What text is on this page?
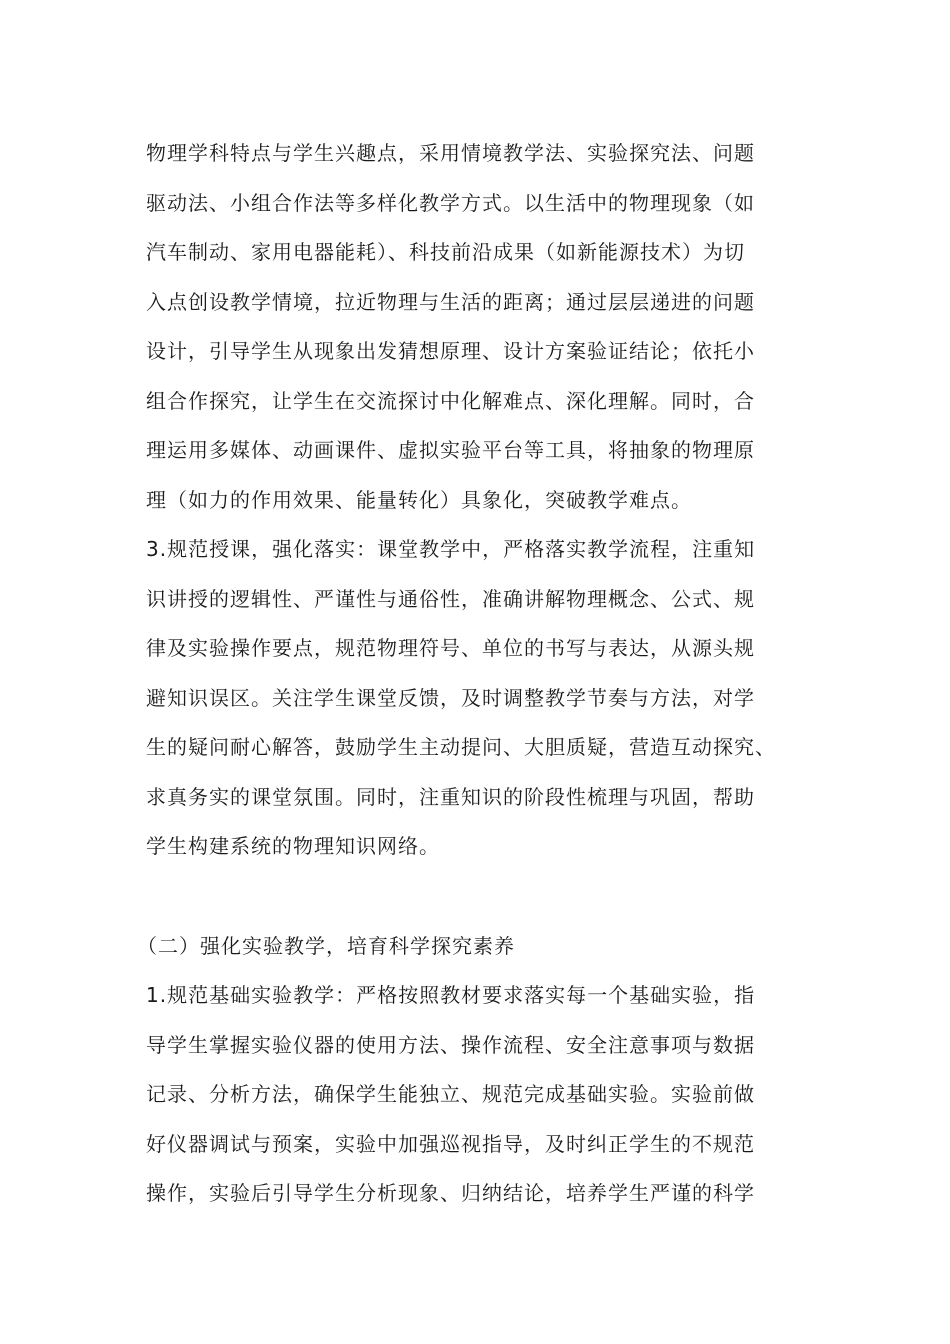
物理学科特点与学生兴趣点，采用情境教学法、实验探究法、问题
驱动法、小组合作法等多样化教学方式。以生活中的物理现象（如
汽车制动、家用电器能耗）、科技前沿成果（如新能源技术）为切
入点创设教学情境，拉近物理与生活的距离；通过层层递进的问题
设计，引导学生从现象出发猜想原理、设计方案验证结论；依托小
组合作探究，让学生在交流探讨中化解难点、深化理解。同时，合
理运用多媒体、动画课件、虚拟实验平台等工具，将抽象的物理原
理（如力的作用效果、能量转化）具象化，突破教学难点。
3.规范授课，强化落实：课堂教学中，严格落实教学流程，注重知
识讲授的逻辑性、严谨性与通俗性，准确讲解物理概念、公式、规
律及实验操作要点，规范物理符号、单位的书写与表达，从源头规
避知识误区。关注学生课堂反馈，及时调整教学节奏与方法，对学
生的疑问耐心解答，鼓励学生主动提问、大胆质疑，营造互动探究、
求真务实的课堂氛围。同时，注重知识的阶段性梳理与巩固，帮助
学生构建系统的物理知识网络。
（二）强化实验教学，培育科学探究素养
1.规范基础实验教学：严格按照教材要求落实每一个基础实验，指
导学生掌握实验仪器的使用方法、操作流程、安全注意事项与数据
记录、分析方法，确保学生能独立、规范完成基础实验。实验前做
好仪器调试与预案，实验中加强巡视指导，及时纠正学生的不规范
操作，实验后引导学生分析现象、归纳结论，培养学生严谨的科学
